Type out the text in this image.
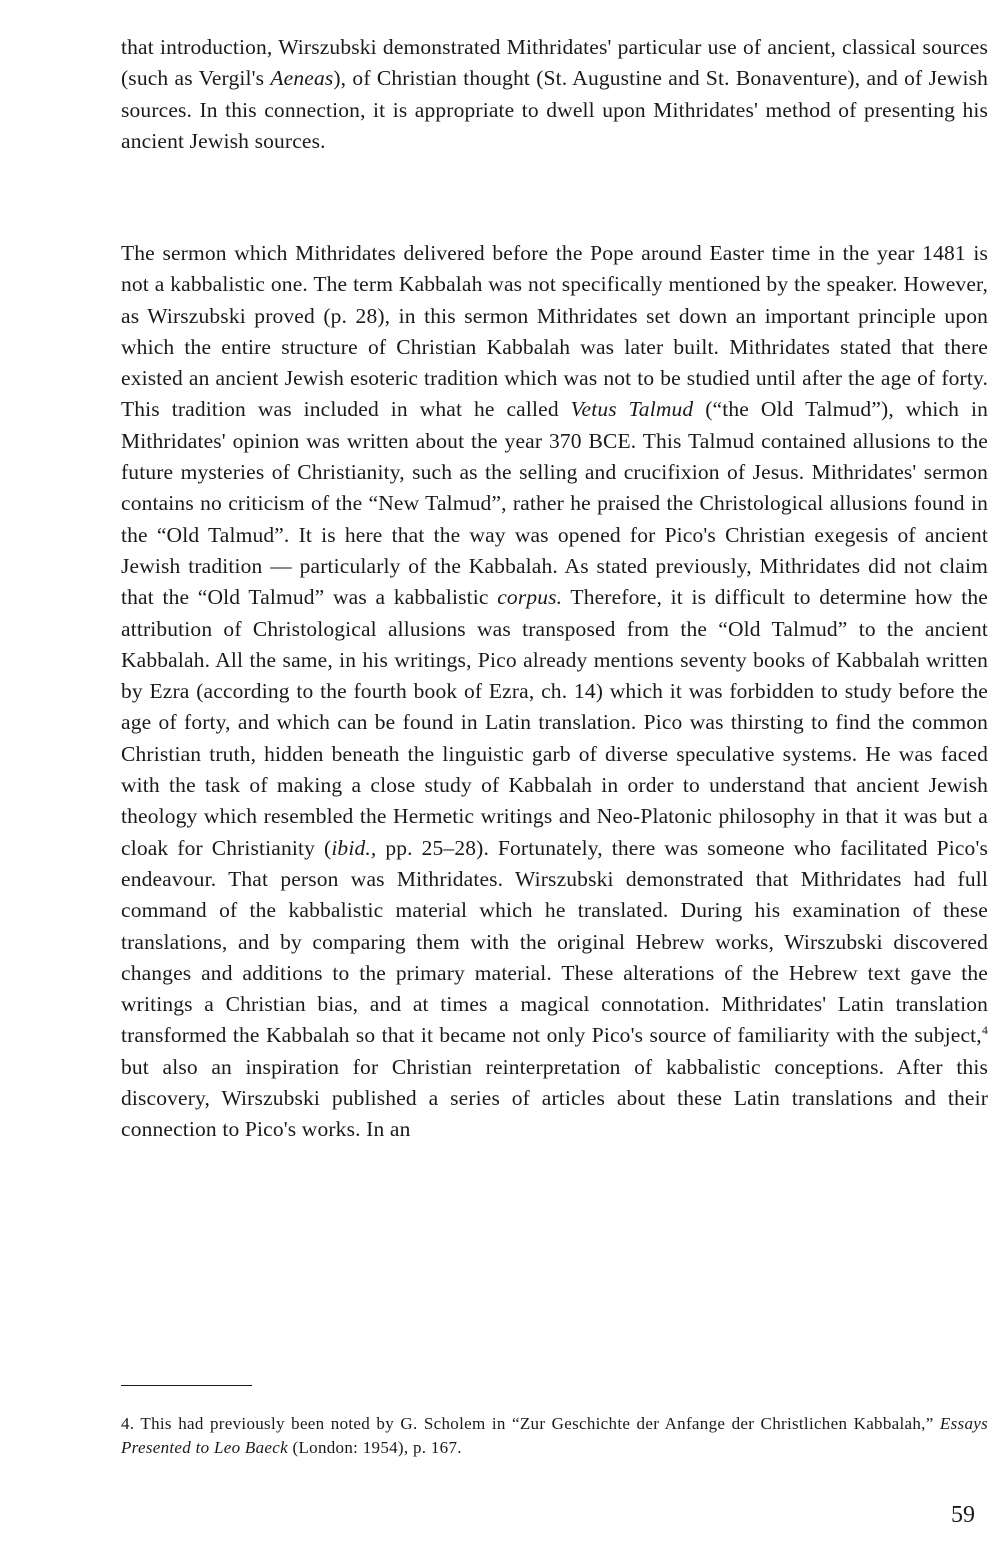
that introduction, Wirszubski demonstrated Mithridates' particular use of ancient, classical sources (such as Vergil's Aeneas), of Christian thought (St. Augustine and St. Bonaventure), and of Jewish sources. In this connection, it is appropriate to dwell upon Mithridates' method of presenting his ancient Jewish sources.

The sermon which Mithridates delivered before the Pope around Easter time in the year 1481 is not a kabbalistic one. The term Kabbalah was not specifically mentioned by the speaker. However, as Wirszubski proved (p. 28), in this sermon Mithridates set down an important principle upon which the entire structure of Christian Kabbalah was later built. Mithridates stated that there existed an ancient Jewish esoteric tradition which was not to be studied until after the age of forty. This tradition was included in what he called Vetus Talmud (“the Old Talmud”), which in Mithridates' opinion was written about the year 370 BCE. This Talmud contained allusions to the future mysteries of Christianity, such as the selling and crucifixion of Jesus. Mithridates' sermon contains no criticism of the “New Talmud”, rather he praised the Christological allusions found in the “Old Talmud”. It is here that the way was opened for Pico's Christian exegesis of ancient Jewish tradition — particularly of the Kabbalah. As stated previously, Mithridates did not claim that the “Old Talmud” was a kabbalistic corpus. Therefore, it is difficult to determine how the attribution of Christological allusions was transposed from the “Old Talmud” to the ancient Kabbalah. All the same, in his writings, Pico already mentions seventy books of Kabbalah written by Ezra (according to the fourth book of Ezra, ch. 14) which it was forbidden to study before the age of forty, and which can be found in Latin translation. Pico was thirsting to find the common Christian truth, hidden beneath the linguistic garb of diverse speculative systems. He was faced with the task of making a close study of Kabbalah in order to understand that ancient Jewish theology which resembled the Hermetic writings and Neo-Platonic philosophy in that it was but a cloak for Christianity (ibid., pp. 25–28). Fortunately, there was someone who facilitated Pico's endeavour. That person was Mithridates. Wirszubski demonstrated that Mithridates had full command of the kabbalistic material which he translated. During his examination of these translations, and by comparing them with the original Hebrew works, Wirszubski discovered changes and additions to the primary material. These alterations of the Hebrew text gave the writings a Christian bias, and at times a magical connotation. Mithridates' Latin translation transformed the Kabbalah so that it became not only Pico's source of familiarity with the subject,$^4$ but also an inspiration for Christian reinterpretation of kabbalistic conceptions. After this discovery, Wirszubski published a series of articles about these Latin translations and their connection to Pico's works. In an

4. This had previously been noted by G. Scholem in “Zur Geschichte der Anfange der Christlichen Kabbalah,” Essays Presented to Leo Baeck (London: 1954), p. 167.

59
